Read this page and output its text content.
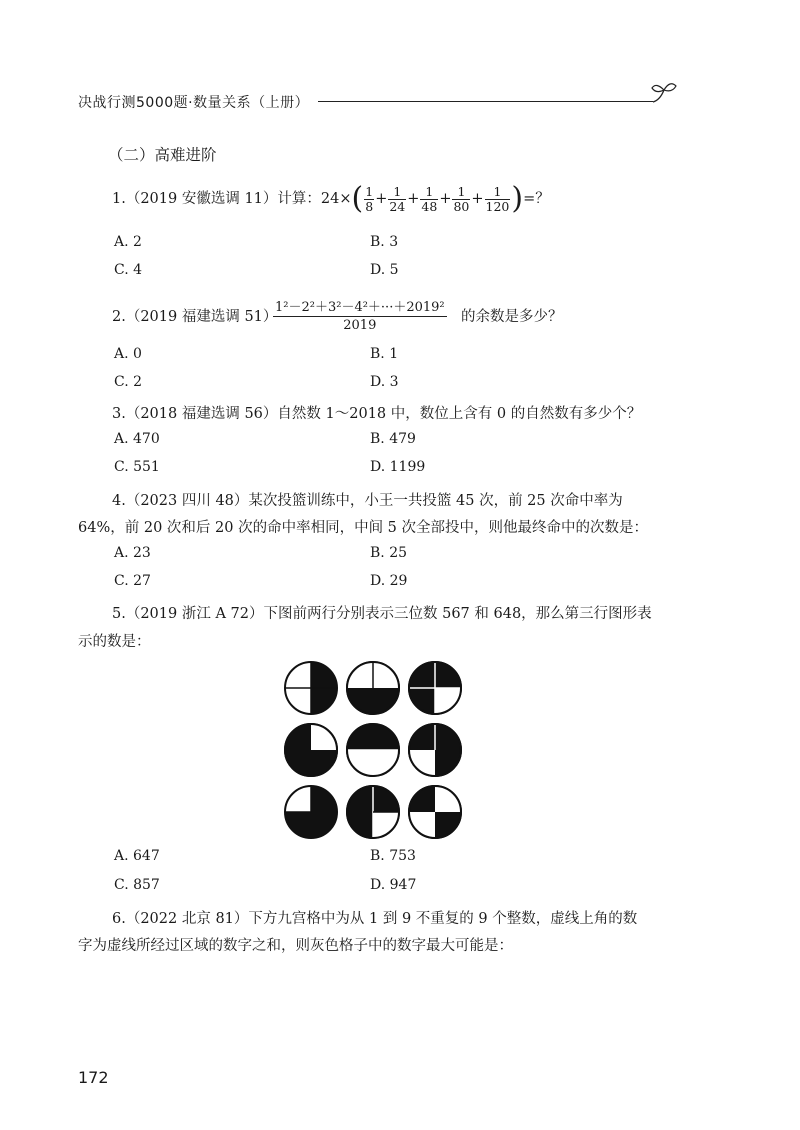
决战行测5000题·数量关系（上册）
（二）高难进阶
1.（2019 安徽选调 11）计算：$24\times( \frac{1}{8} + \frac{1}{24} + \frac{1}{48} + \frac{1}{80} + \frac{1}{120}$ )=？
A. 2	B. 3
C. 4	D. 5
2.（2019 福建选调 51）
$\frac{\text{1²－2²＋3²－4²＋···＋2019²}}{2019}$ 的余数是多少？
A. 0	B. 1
C. 2	D. 3
3.（2018 福建选调 56）自然数 1～2018 中，数位上含有 0 的自然数有多少个？
A. 470	B. 479
C. 551	D. 1199
4.（2023 四川 48）某次投篮训练中，小王一共投篮 45 次，前 25 次命中率为
64%，前 20 次和后 20 次的命中率相同，中间 5 次全部投中，则他最终命中的次数是：
A. 23	B. 25
C. 27	D. 29
5.（2019 浙江 A 72）下图前两行分别表示三位数 567 和 648，那么第三行图形表
示的数是：
A. 647	B. 753
C. 857	D. 947
6.（2022 北京 81）下方九宫格中为从 1 到 9 不重复的 9 个整数，虚线上角的数
字为虚线所经过区域的数字之和，则灰色格子中的数字最大可能是：
172
